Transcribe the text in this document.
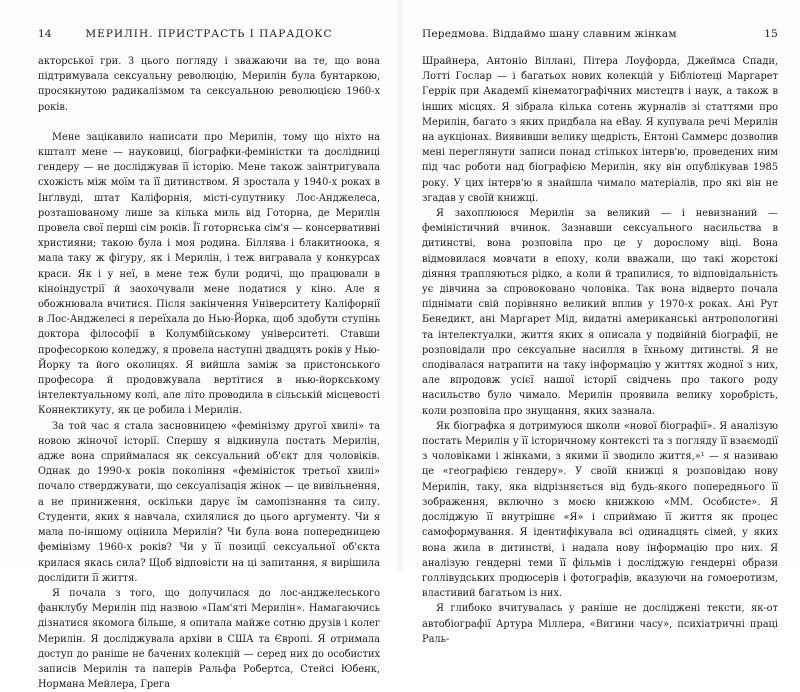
14	МЕРИЛІН. ПРИСТРАСТЬ І ПАРАДОКС

акторської гри. З цього погляду і зважаючи на те, що вона підтримувала сексуальну революцію, Мерилін була бунтаркою, просякнутою радикалізмом та сексуальною революцією 1960-х років.

Мене зацікавило написати про Мерилін, тому що ніхто на кшталт мене — науковиці, біографки-феміністки та дослідниці гендеру — не досліджував її історію. Мене також заінтригувала схожість між моїм та її дитинством. Я зростала у 1940-х роках в Інґлвуді, штат Каліфорнія, місті-супутнику Лос-Анджелеса, розташованому лише за кілька миль від Готорна, де Мерилін провела свої перші сім років. Її готорнська сім'я — консервативні християни; такою була і моя родина. Біллява і блакитноока, я мала таку ж фігуру, як і Мерилін, і теж вигравала у конкурсах краси. Як і у неї, в мене теж були родичі, що працювали в кіноіндустрії й заохочували мене податися у кіно. Але я обожнювала вчитися. Після закінчення Університету Каліфорнії в Лос-Анджелесі я переїхала до Нью-Йорка, щоб здобути ступінь доктора філософії в Колумбійському університеті. Ставши професоркою коледжу, я провела наступні двадцять років у Нью-Йорку та його околицях. Я вийшла заміж за пристонського професора й продовжувала вертітися в нью-йоркському інтелектуальному колі, але літо проводила в сільській місцевості Коннектикуту, як це робила і Мерилін.

За той час я стала засновницею «фемінізму другої хвилі» та новою жіночої історії. Спершу я відкинула постать Мерилін, адже вона сприймалася як сексуальний об'єкт для чоловіків. Однак до 1990-х років покоління «феміністок третьої хвилі» почало стверджувати, що сексуалізація жінок — це вивільнення, а не приниження, оскільки дарує їм самопізнання та силу. Студенти, яких я навчала, схилялися до цього аргументу. Чи я мала по-іншому оцінила Мерилін? Чи була вона попередницею фемінізму 1960-х років? Чи у її позиції сексуальної об'єкта крилася якась сила? Щоб відповісти на ці запитання, я вирішила дослідити її життя.

Я почала з того, що долучилася до лос-анджелеського фанклубу Мерилін під назвою «Пам'яті Мерилін». Намагаючись дізнатися якомога більше, я опитала майже сотню друзів і колег Мерилін. Я досліджувала архіви в США та Європі. Я отримала доступ до раніше не бачених колекцій — серед них до особистих записів Мерилін та паперів Ральфа Робертса, Стейсі Юбенк, Нормана Мейлера, Грега

Передмова. Віддаймо шану славним жінкам	15

Шрайнера, Антоніо Віллані, Пітера Лоуфорда, Джеймса Спади, Лотті Гослар — і багатьох нових колекцій у Бібліотеці Маргарет Геррік при Академії кінематографічних мистецтв і наук, а також в інших місцях. Я зібрала кілька сотень журналів зі статтями про Мерилін, багато з яких придбала на eBay. Я купувала речі Мерилін на аукціонах. Виявивши велику щедрість, Ентоні Саммерс дозволив мені переглянути записи понад стількох інтерв'ю, проведених ним під час роботи над біографією Мерилін, яку він опублікував 1985 року. У цих інтерв'ю я знайшла чимало матеріалів, про які він не згадав у своїй книжці.

Я захоплююся Мерилін за великий — і невизнаний — феміністичний вчинок. Зазнавши сексуального насильства в дитинстві, вона розповіла про це у дорослому віці. Вона відмовилася мовчати в епоху, коли вважали, що такі жорстокі діяння трапляються рідко, а коли й трапилися, то відповідальність ує дівчина за спровоковано чоловіка. Так вона відверто почала піднімати свій порівняно великий вплив у 1970-х роках. Ані Рут Бенедикт, ані Маргарет Мід, видатні американські антропологині та інтелектуалки, життя яких я описала у подвійній біографії, не розповідали про сексуальне насилля в їхньому дитинстві. Я не сподівалася натрапити на таку інформацію у життях жодної з них, але впродовж усієї нашої історії свідчень про такого роду насильство було чимало. Мерилін проявила велику хоробрість, коли розповіла про знущання, яких зазнала.

Як біографка я дотримуюся школи «нової біографії». Я аналізую постать Мерилін у її історичному контексті та з погляду її взаємодії з чоловіками і жінками, з якими її зводило життя,»¹ — я називаю це «географією гендеру». У своїй книжці я розповідаю нову Мерилін, таку, яка відрізняється від будь-якого попереднього її зображення, включно з моєю книжкою «ММ. Особисте». Я досліджую її внутрішнє «Я» і сприймаю її життя як процес самоформування. Я ідентифікувала всі одинадцять сімей, у яких вона жила в дитинстві, і надала нову інформацію про них. Я аналізую гендерні теми її фільмів і досліджую гендерні образи голлівудських продюсерів і фотографів, вказуючи на гомоеротизм, властивий багатьом із них.

Я глибоко вчитувалась у раніше не досліджені тексти, як-от автобіографії Артура Міллера, «Вигини часу», психіатричні праці Раль-
